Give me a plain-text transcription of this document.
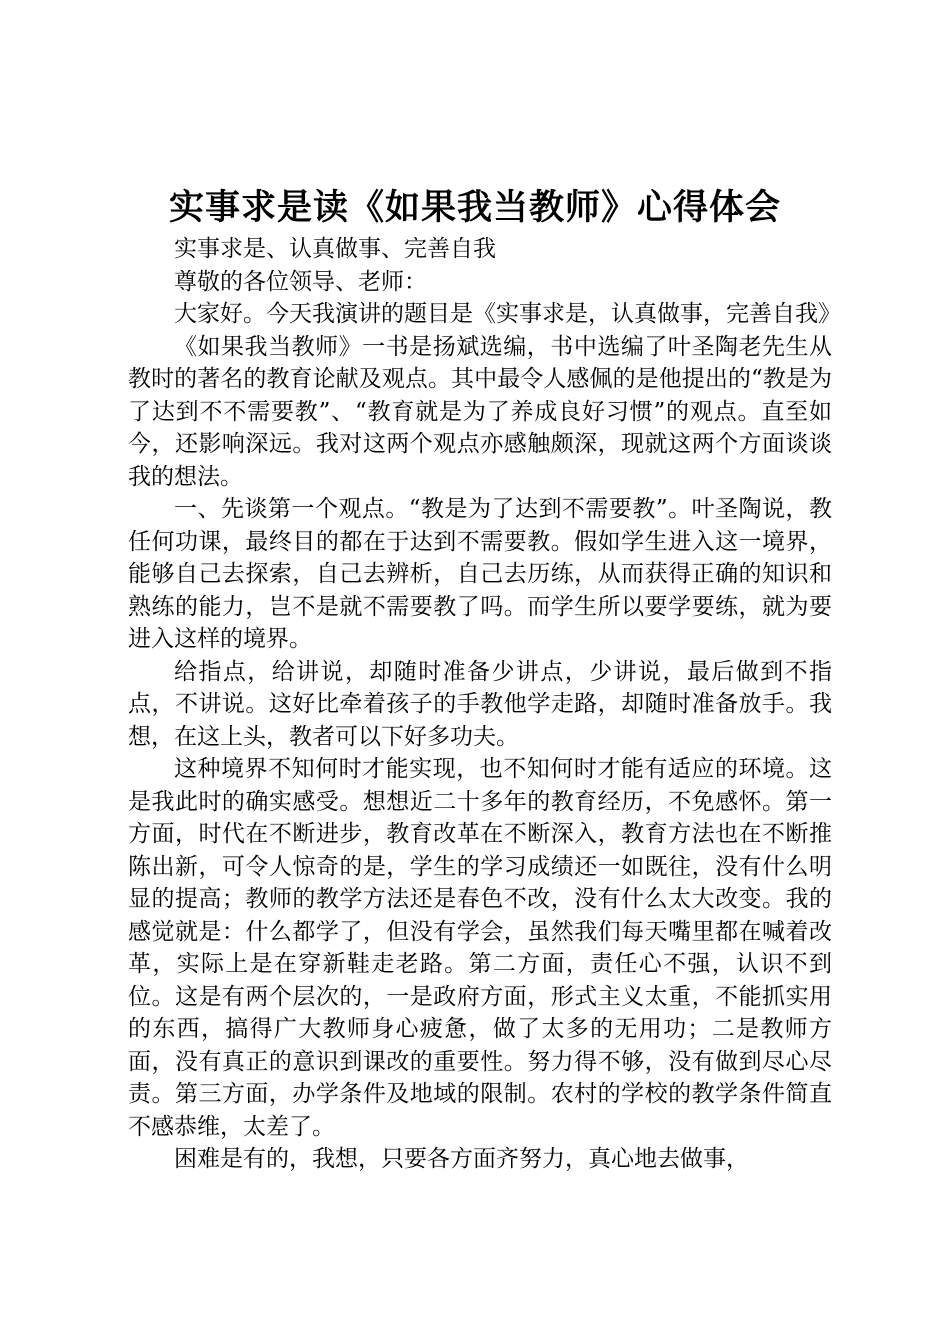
实事求是读《如果我当教师》心得体会

实事求是、认真做事、完善自我

尊敬的各位领导、老师：

大家好。今天我演讲的题目是《实事求是，认真做事，完善自我》

《如果我当教师》一书是扬斌选编，书中选编了叶圣陶老先生从教时的著名的教育论献及观点。其中最令人感佩的是他提出的“教是为了达到不不需要教”、“教育就是为了养成良好习惯”的观点。直至如今，还影响深远。我对这两个观点亦感触颇深，现就这两个方面谈谈我的想法。

一、先谈第一个观点。“教是为了达到不需要教”。叶圣陶说，教任何功课，最终目的都在于达到不需要教。假如学生进入这一境界，能够自己去探索，自己去辨析，自己去历练，从而获得正确的知识和熟练的能力，岂不是就不需要教了吗。而学生所以要学要练，就为要进入这样的境界。

给指点，给讲说，却随时准备少讲点，少讲说，最后做到不指点，不讲说。这好比牵着孩子的手教他学走路，却随时准备放手。我想，在这上头，教者可以下好多功夫。

这种境界不知何时才能实现，也不知何时才能有适应的环境。这是我此时的确实感受。想想近二十多年的教育经历，不免感怀。第一方面，时代在不断进步，教育改革在不断深入，教育方法也在不断推陈出新，可令人惊奇的是，学生的学习成绩还一如既往，没有什么明显的提高；教师的教学方法还是春色不改，没有什么太大改变。我的感觉就是：什么都学了，但没有学会，虽然我们每天嘴里都在喊着改革，实际上是在穿新鞋走老路。第二方面，责任心不强，认识不到位。这是有两个层次的，一是政府方面，形式主义太重，不能抓实用的东西，搞得广大教师身心疲惫，做了太多的无用功；二是教师方面，没有真正的意识到课改的重要性。努力得不够，没有做到尽心尽责。第三方面，办学条件及地域的限制。农村的学校的教学条件简直不感恭维，太差了。

困难是有的，我想，只要各方面齐努力，真心地去做事，
